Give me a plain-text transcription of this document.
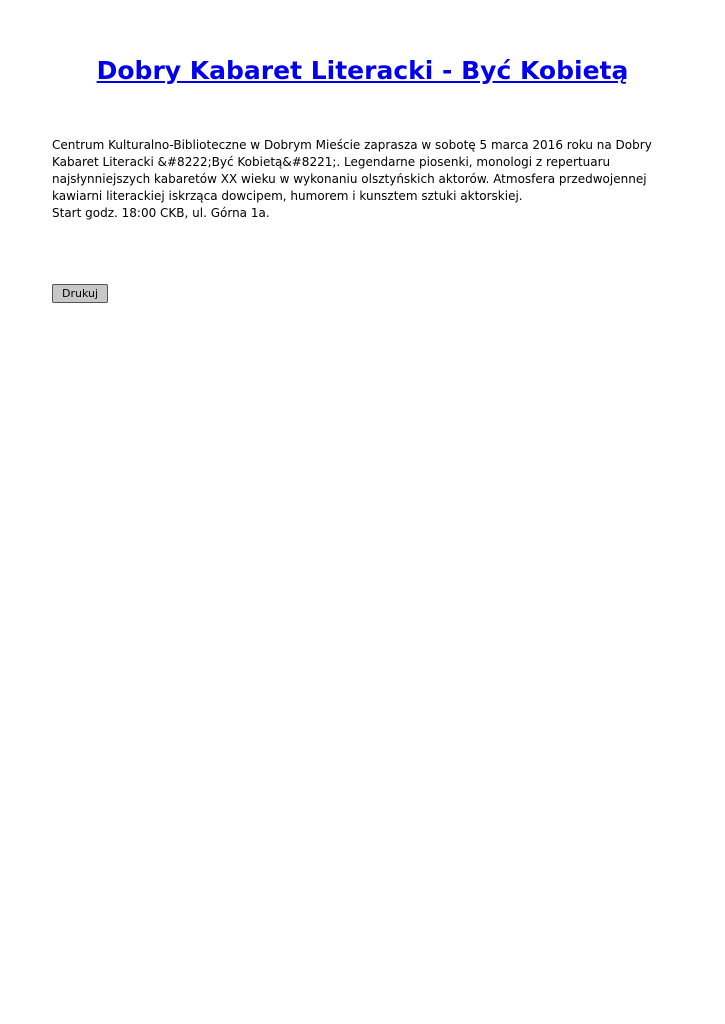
Dobry Kabaret Literacki - Być Kobietą

Centrum Kulturalno-Biblioteczne w Dobrym Mieście zaprasza w sobotę 5 marca 2016 roku na Dobry Kabaret Literacki &#8222;Być Kobietą&#8221;. Legendarne piosenki, monologi z repertuaru najsłynniejszych kabaretów XX wieku w wykonaniu olsztyńskich aktorów. Atmosfera przedwojennej kawiarni literackiej iskrząca dowcipem, humorem i kunsztem sztuki aktorskiej.

Start godz. 18:00 CKB, ul. Górna 1a.

Drukuj
